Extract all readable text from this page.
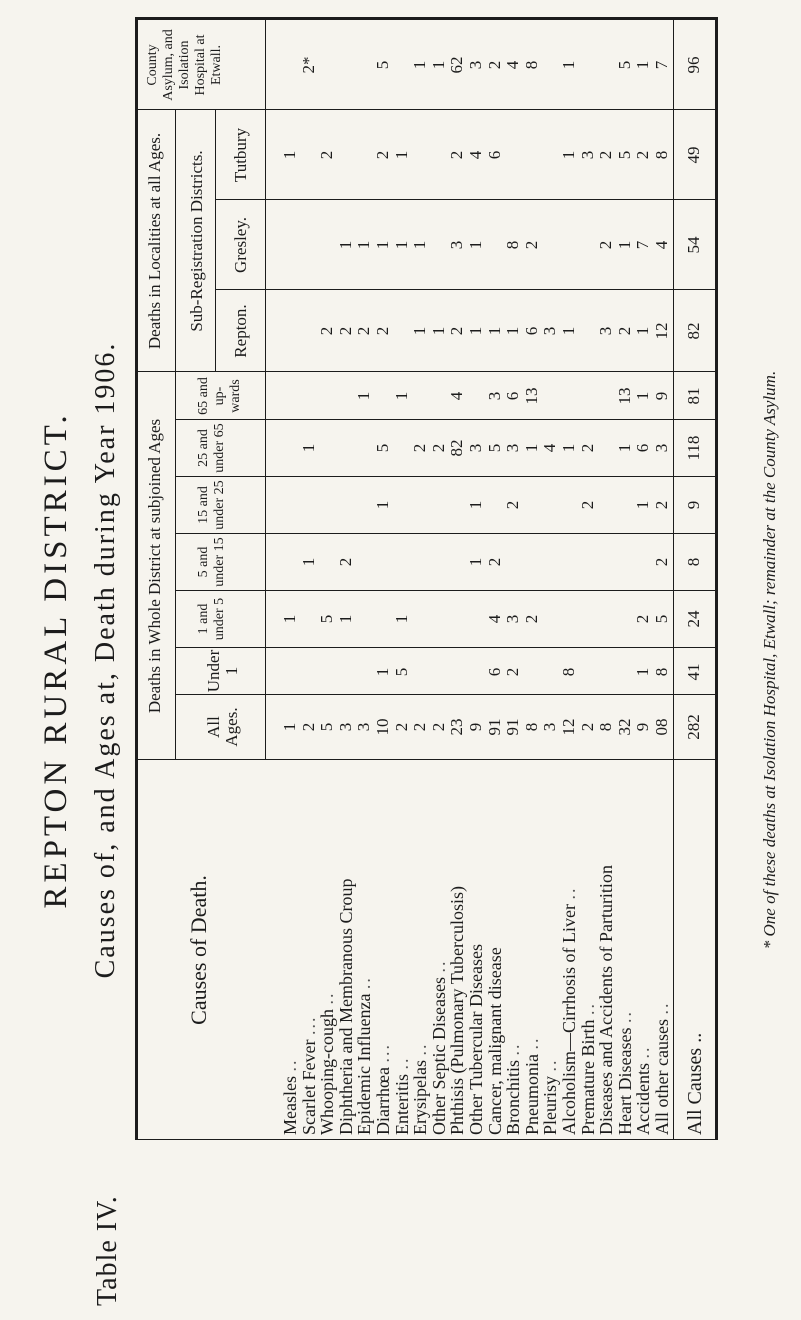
Table IV.
REPTON RURAL DISTRICT. Causes of, and Ages at, Death during Year 1906.	Causes of Death.
Deaths in Whole District at subjoined Ages
Deaths in Localities at all Ages. Sub-Registration Districts.
County Asylum, and Isolation Hospital at Etwall.
All Ages.
Under 1
1 and under 5
5 and under 15
15 and under 25
25 and under 65
65 and up-wards
Repton.
Gresley.
Tutbury
Measles ..
1
1
1
Scarlet Fever ...
2
1
1
2*
Whooping-cough ..
5
5
2
2
Diphtheria and Membranous Croup
3
1
2
2
1
Epidemic Influenza ..
3
1
2
1
Diarrhœa ...
10
1
1
5
2
1
2
5
Enteritis ..
2
5
1
1
1
1
Erysipelas ..
2
2
1
1
1
Other Septic Diseases ..
2
2
1
1
Phthisis (Pulmonary Tuberculosis)
23
82
4
2
3
2
62
Other Tubercular Diseases
9
1
1
3
1
1
4
3
Cancer, malignant disease
91
6
4
2
5
3
1
6
2
Bronchitis ..
91
2
3
2
3
6
1
8
4
Pneumonia ..
8
2
1
13
6
2
8
Pleurisy ..
3
4
3
Alcoholism—Cirrhosis of Liver ..
12
8
1
1
1
1
Premature Birth ..
2
2
2
3
Diseases and Accidents of Parturition
8
3
2
2
Heart Diseases ..
32
1
13
2
1
5
5
Accidents ..
9
1
2
1
6
1
1
7
2
1
All other causes ..
08
8
5
2
2
3
9
12
4
8
7
All Causes ..
282
41
24
8
9
118
81
82
54
49
96
* One of these deaths at Isolation Hospital, Etwall; remainder at the County Asylum.
